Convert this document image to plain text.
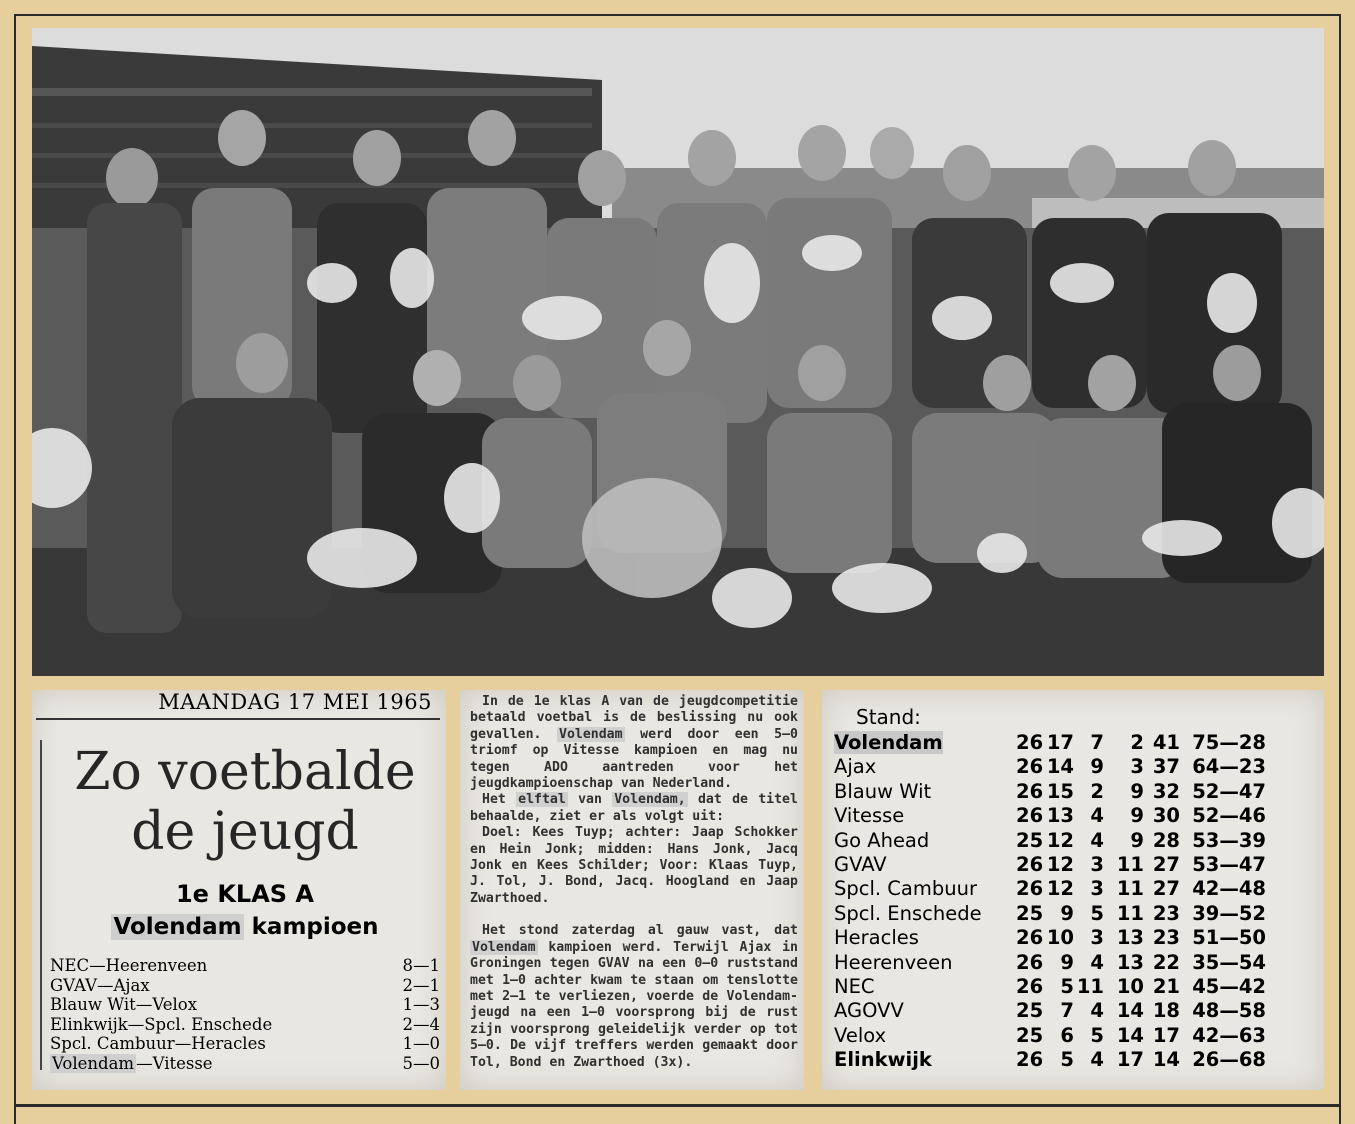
MAANDAG 17 MEI 1965
Zo voetbalde
de jeugd
1e KLAS A
Volendam kampioen
NEC—Heerenveen	8—1
GVAV—Ajax	2—1
Blauw Wit—Velox	1—3
Elinkwijk—Spcl. Enschede	2—4
Spcl. Cambuur—Heracles	1—0
Volendam —Vitesse	5—0

In de 1e klas A van de jeugdcompetitie betaald voetbal is de beslissing nu ook gevallen. Volendam werd door een 5—0 triomf op Vitesse kampioen en mag nu tegen ADO aantreden voor het jeugdkampioenschap van Nederland.

Het elftal van Volendam, dat de titel behaalde, ziet er als volgt uit:

Doel: Kees Tuyp; achter: Jaap Schokker en Hein Jonk; midden: Hans Jonk, Jacq Jonk en Kees Schilder; Voor: Klaas Tuyp, J. Tol, J. Bond, Jacq. Hoogland en Jaap Zwarthoed.

Het stond zaterdag al gauw vast, dat Volendam kampioen werd. Terwijl Ajax in Groningen tegen GVAV na een 0—0 ruststand met 1—0 achter kwam te staan om tenslotte met 2—1 te verliezen, voerde de Volendam-jeugd na een 1—0 voorsprong bij de rust zijn voorsprong geleidelijk verder op tot 5—0. De vijf treffers werden gemaakt door Tol, Bond en Zwarthoed (3x).

Stand:
Volendam	26 17 7	2 41 75—28
Ajax	26 14 9	3 37 64—23
Blauw Wit	26 15 2	9 32 52—47
Vitesse	26 13 4	9 30 52—46
Go Ahead	25 12 4	9 28 53—39
GVAV	26 12 3 11 27 53—47
Spcl. Cambuur	26 12 3 11 27 42—48
Spcl. Enschede	25 9 5 11 23 39—52
Heracles	26 10 3 13 23 51—50
Heerenveen	26 9 4 13 22 35—54
NEC	26 5 11 10 21 45—42
AGOVV	25 7 4 14 18 48—58
Velox	25 6 5 14 17 42—63
Elinkwijk	26 5 4 17 14 26—68
